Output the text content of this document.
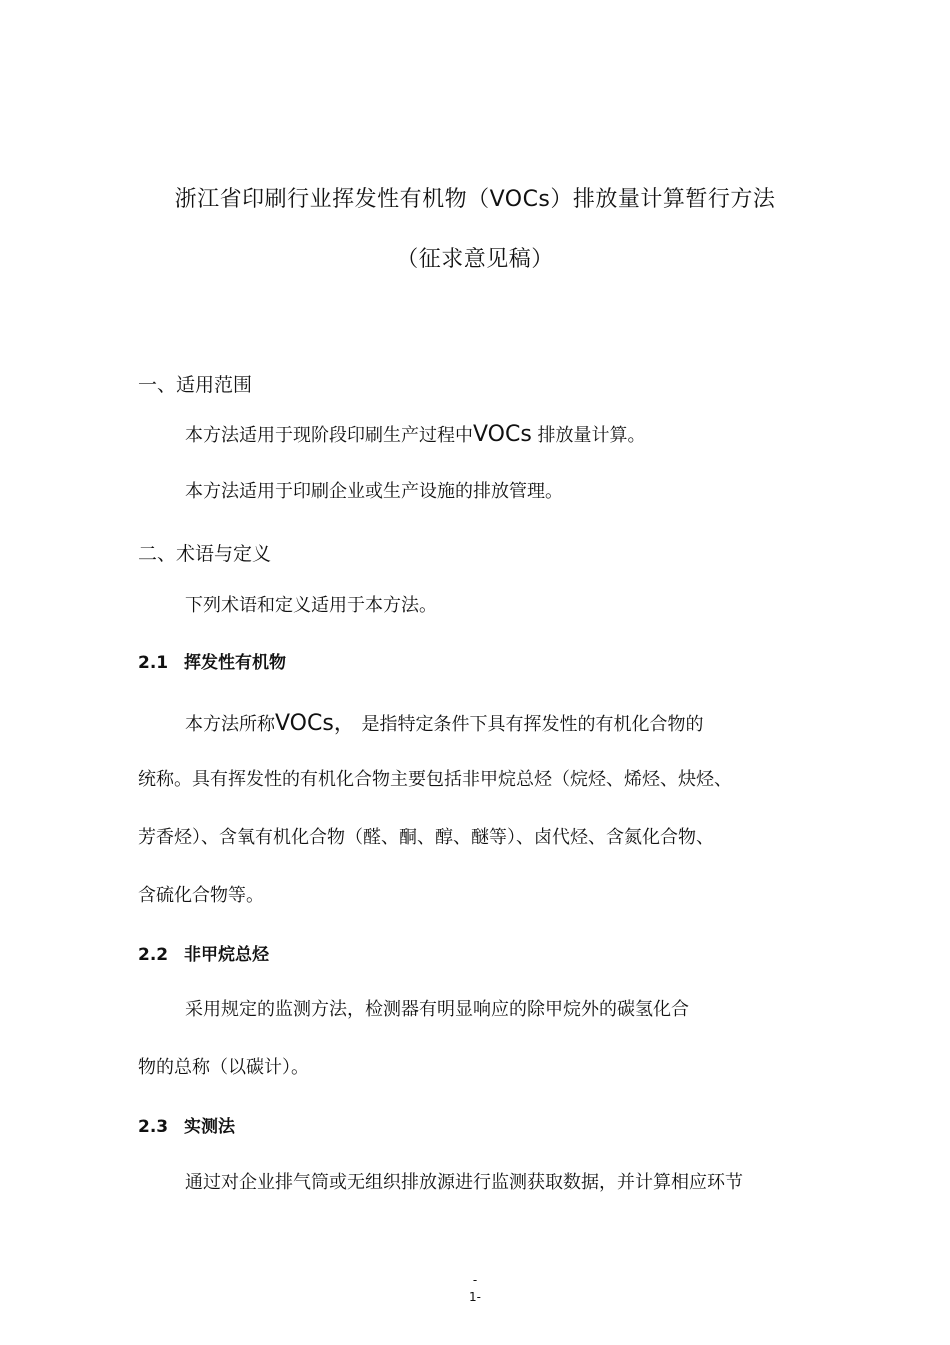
浙江省印刷行业挥发性有机物（VOCs）排放量计算暂行方法

（征求意见稿）

一、适用范围

本方法适用于现阶段印刷生产过程中VOCs 排放量计算。

本方法适用于印刷企业或生产设施的排放管理。

二、术语与定义

下列术语和定义适用于本方法。

2.1 挥发性有机物

本方法所称VOCs， 是指特定条件下具有挥发性的有机化合物的

统称。具有挥发性的有机化合物主要包括非甲烷总烃（烷烃、烯烃、炔烃、

芳香烃）、含氧有机化合物（醛、酮、醇、醚等）、卤代烃、含氮化合物、

含硫化合物等。

2.2 非甲烷总烃

采用规定的监测方法，检测器有明显响应的除甲烷外的碳氢化合

物的总称（以碳计）。

2.3 实测法

通过对企业排气筒或无组织排放源进行监测获取数据，并计算相应环节

-

1-
